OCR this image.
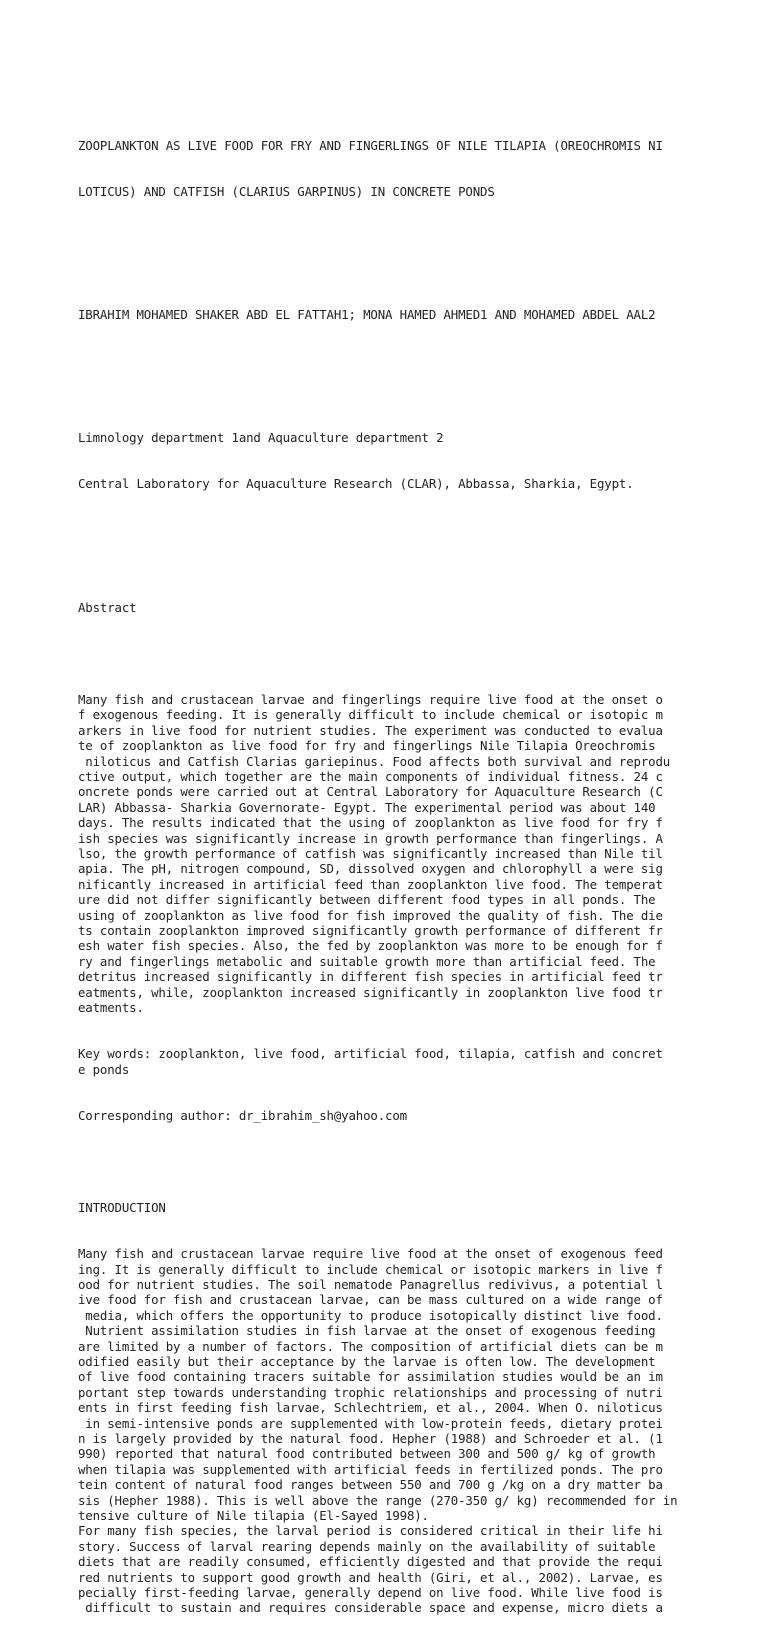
ZOOPLANKTON AS LIVE FOOD FOR FRY AND FINGERLINGS OF NILE TILAPIA (OREOCHROMIS NI

LOTICUS) AND CATFISH (CLARIUS GARPINUS) IN CONCRETE PONDS

IBRAHIM MOHAMED SHAKER ABD EL FATTAH1; MONA HAMED AHMED1 AND MOHAMED ABDEL AAL2

Limnology department 1and Aquaculture department 2

Central Laboratory for Aquaculture Research (CLAR), Abbassa, Sharkia, Egypt.

Abstract

Many fish and crustacean larvae and fingerlings require live food at the onset o
f exogenous feeding. It is generally difficult to include chemical or isotopic m
arkers in live food for nutrient studies. The experiment was conducted to evalua
te of zooplankton as live food for fry and fingerlings Nile Tilapia Oreochromis
niloticus and Catfish Clarias gariepinus. Food affects both survival and reprodu
ctive output, which together are the main components of individual fitness. 24 c
oncrete ponds were carried out at Central Laboratory for Aquaculture Research (C
LAR) Abbassa- Sharkia Governorate- Egypt. The experimental period was about 140
days. The results indicated that the using of zooplankton as live food for fry f
ish species was significantly increase in growth performance than fingerlings. A
lso, the growth performance of catfish was significantly increased than Nile til
apia. The pH, nitrogen compound, SD, dissolved oxygen and chlorophyll a were sig
nificantly increased in artificial feed than zooplankton live food. The temperat
ure did not differ significantly between different food types in all ponds. The
using of zooplankton as live food for fish improved the quality of fish. The die
ts contain zooplankton improved significantly growth performance of different fr
esh water fish species. Also, the fed by zooplankton was more to be enough for f
ry and fingerlings metabolic and suitable growth more than artificial feed. The
detritus increased significantly in different fish species in artificial feed tr
eatments, while, zooplankton increased significantly in zooplankton live food tr
eatments.

Key words: zooplankton, live food, artificial food, tilapia, catfish and concret
e ponds

Corresponding author: dr_ibrahim_sh@yahoo.com

INTRODUCTION

Many fish and crustacean larvae require live food at the onset of exogenous feed
ing. It is generally difficult to include chemical or isotopic markers in live f
ood for nutrient studies. The soil nematode Panagrellus redivivus, a potential l
ive food for fish and crustacean larvae, can be mass cultured on a wide range of
media, which offers the opportunity to produce isotopically distinct live food.
Nutrient assimilation studies in fish larvae at the onset of exogenous feeding
are limited by a number of factors. The composition of artificial diets can be m
odified easily but their acceptance by the larvae is often low. The development
of live food containing tracers suitable for assimilation studies would be an im
portant step towards understanding trophic relationships and processing of nutri
ents in first feeding fish larvae, Schlechtriem, et al., 2004. When O. niloticus
in semi-intensive ponds are supplemented with low-protein feeds, dietary protei
n is largely provided by the natural food. Hepher (1988) and Schroeder et al. (1
990) reported that natural food contributed between 300 and 500 g/ kg of growth
when tilapia was supplemented with artificial feeds in fertilized ponds. The pro
tein content of natural food ranges between 550 and 700 g /kg on a dry matter ba
sis (Hepher 1988). This is well above the range (270-350 g/ kg) recommended for in
tensive culture of Nile tilapia (El-Sayed 1998).
For many fish species, the larval period is considered critical in their life hi
story. Success of larval rearing depends mainly on the availability of suitable
diets that are readily consumed, efficiently digested and that provide the requi
red nutrients to support good growth and health (Giri, et al., 2002). Larvae, es
pecially first-feeding larvae, generally depend on live food. While live food is
difficult to sustain and requires considerable space and expense, micro diets a
